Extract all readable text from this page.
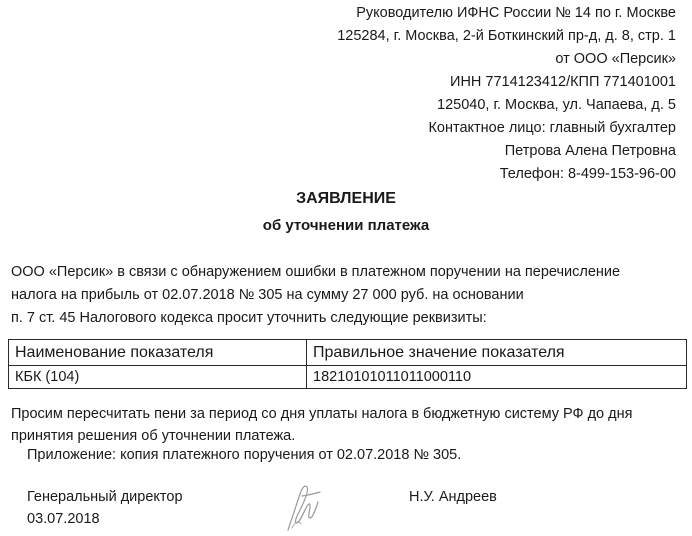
Руководителю ИФНС России № 14 по г. Москве
125284, г. Москва, 2-й Боткинский пр-д, д. 8, стр. 1
от ООО «Персик»
ИНН 7714123412/КПП 771401001
125040, г. Москва, ул. Чапаева, д. 5
Контактное лицо: главный бухгалтер
Петрова Алена Петровна
Телефон: 8-499-153-96-00
ЗАЯВЛЕНИЕ
об уточнении платежа
ООО «Персик» в связи с обнаружением ошибки в платежном поручении на перечисление
налога на прибыль от 02.07.2018 № 305 на сумму 27 000 руб. на основании
п. 7 ст. 45 Налогового кодекса просит уточнить следующие реквизиты:
Наименование показателя	Правильное значение показателя
КБК (104)	18210101011011000110
Просим пересчитать пени за период со дня уплаты налога в бюджетную систему РФ до дня
принятия решения об уточнении платежа.
Приложение: копия платежного поручения от 02.07.2018 № 305.
Генеральный директор
03.07.2018
Н.У. Андреев
